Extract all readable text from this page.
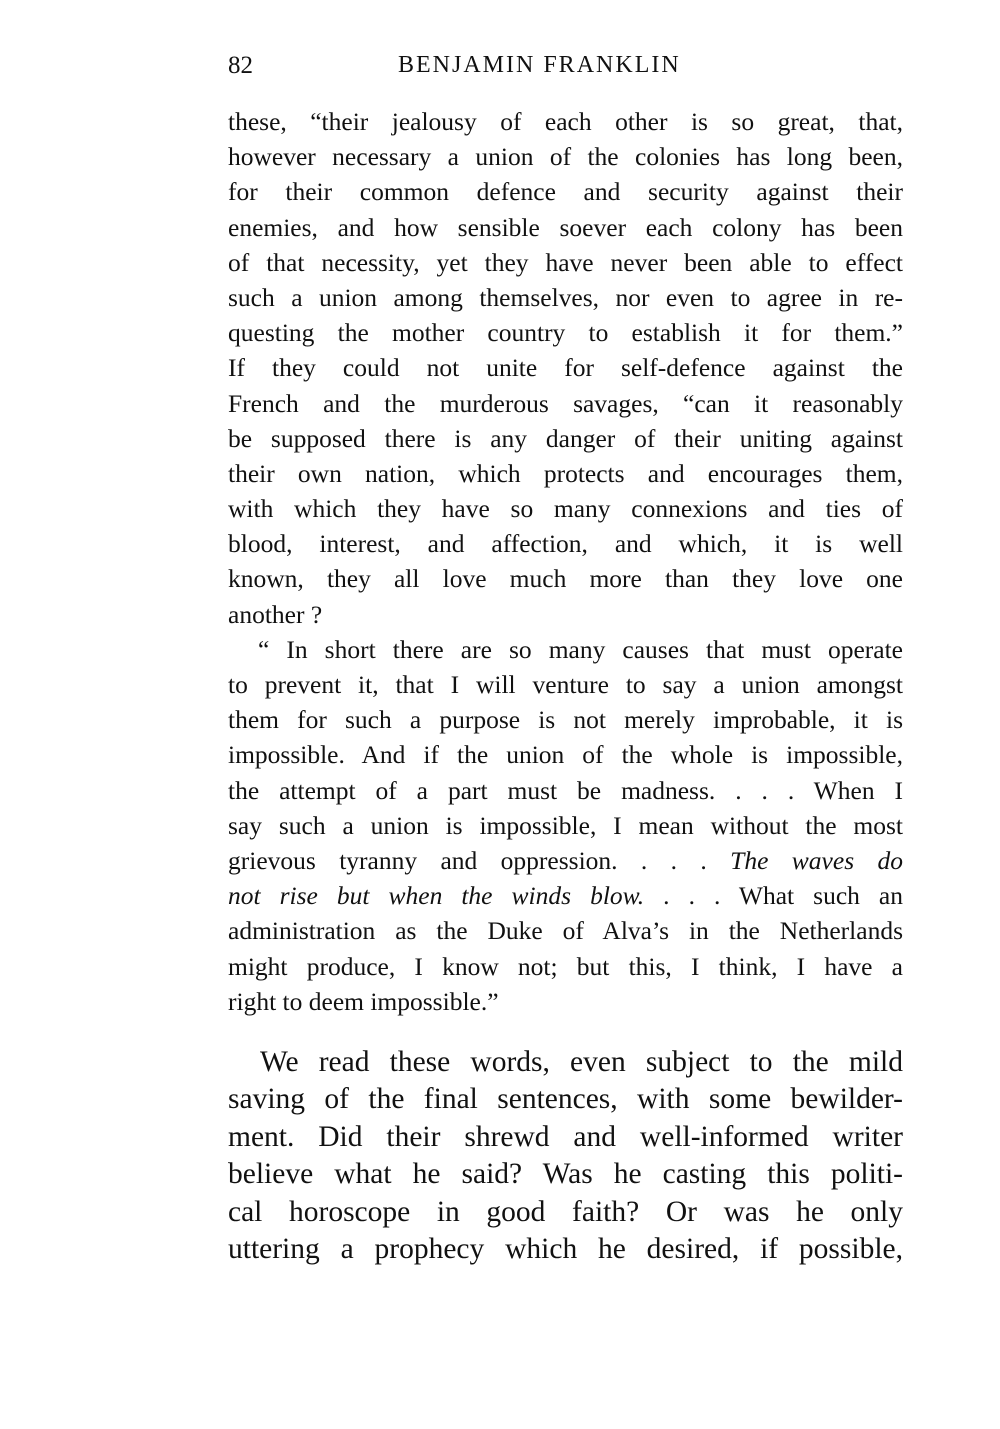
82	BENJAMIN FRANKLIN
these, “their jealousy of each other is so great, that,
however necessary a union of the colonies has long been,
for their common defence and security against their
enemies, and how sensible soever each colony has been
of that necessity, yet they have never been able to effect
such a union among themselves, nor even to agree in re-
questing the mother country to establish it for them.”
If they could not unite for self-defence against the
French and the murderous savages, “can it reasonably
be supposed there is any danger of their uniting against
their own nation, which protects and encourages them,
with which they have so many connexions and ties of
blood, interest, and affection, and which, it is well
known, they all love much more than they love one
another ?
“ In short there are so many causes that must operate
to prevent it, that I will venture to say a union amongst
them for such a purpose is not merely improbable, it is
impossible. And if the union of the whole is impossible,
the attempt of a part must be madness. . . . When I
say such a union is impossible, I mean without the most
grievous tyranny and oppression. . . . The waves do
not rise but when the winds blow. . . . What such an
administration as the Duke of Alva’s in the Netherlands
might produce, I know not; but this, I think, I have a
right to deem impossible.”
We read these words, even subject to the mild
saving of the final sentences, with some bewilder-
ment. Did their shrewd and well-informed writer
believe what he said? Was he casting this politi-
cal horoscope in good faith? Or was he only
uttering a prophecy which he desired, if possible,
